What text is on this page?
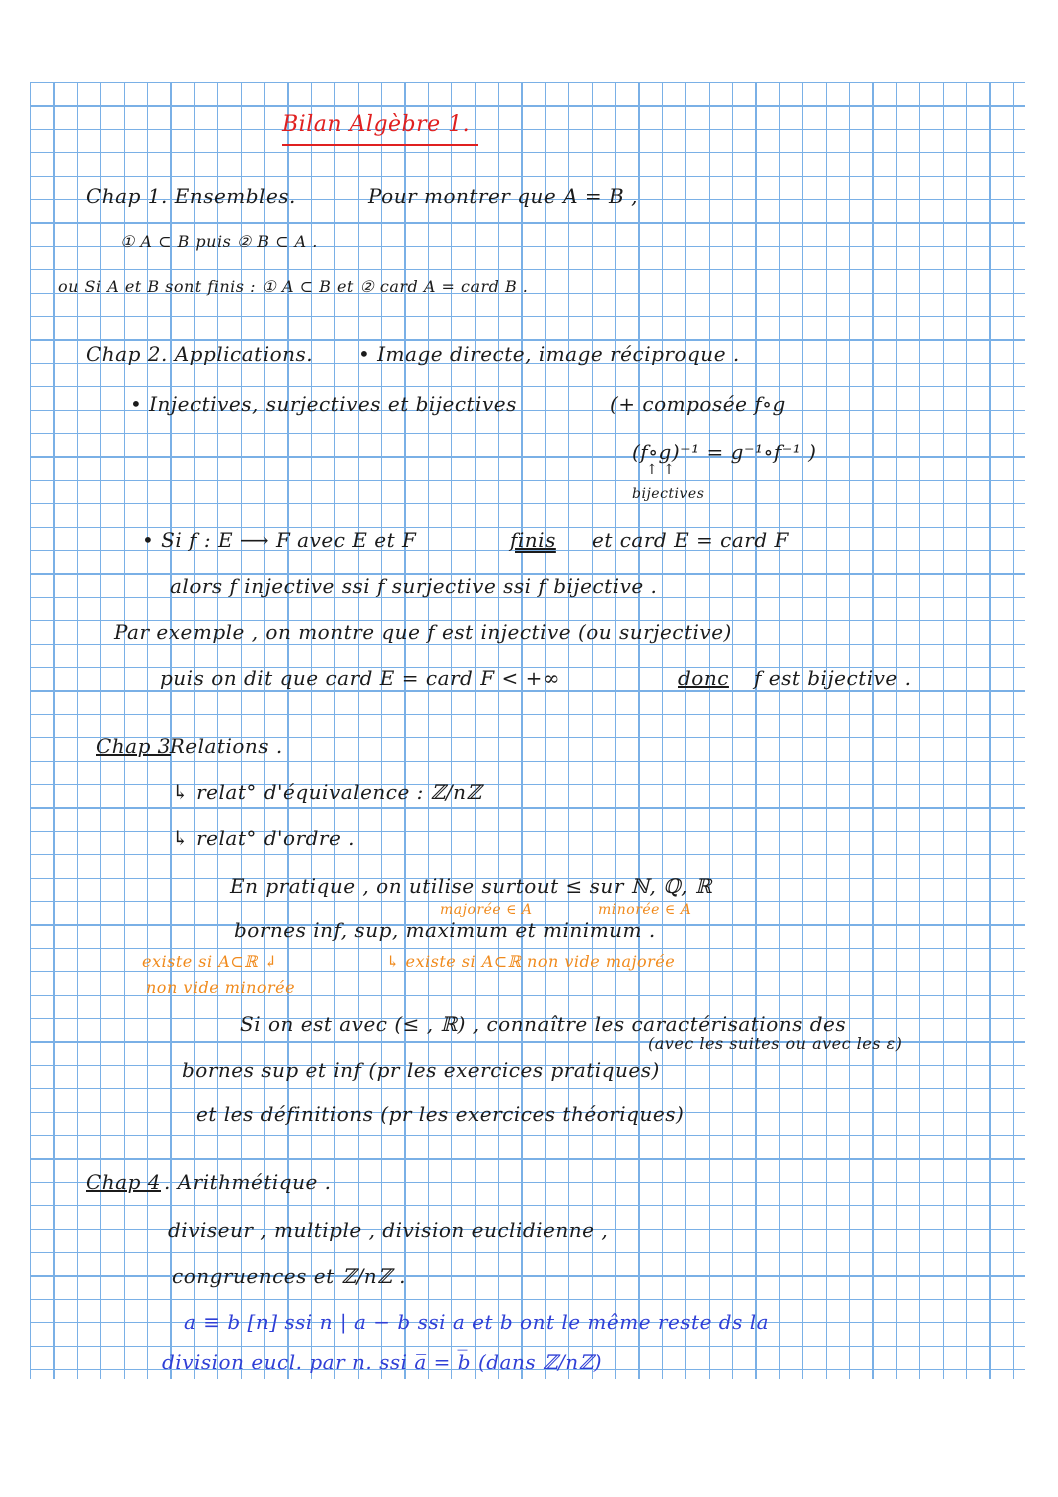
Bilan Algèbre 1.
Chap 1. Ensembles.	Pour montrer que A = B ,
① A ⊂ B puis ② B ⊂ A .
ou Si A et B sont finis : ① A ⊂ B et ② card A = card B .
Chap 2. Applications. • Image directe, image réciproque .
• Injectives, surjectives et bijectives	(+ composée f∘g
(f∘g)⁻¹ = g⁻¹∘f⁻¹ )
↑ ↑
bijectives
• Si f : E ⟶ F avec E et F	finis et card E = card F
alors f injective ssi f surjective ssi f bijective .
Par exemple , on montre que f est injective (ou surjective)
puis on dit que card E = card F < +∞	donc f est bijective .
Chap 3
. Relations .
↳ relat° d'équivalence : ℤ/nℤ
↳ relat° d'ordre .
En pratique , on utilise surtout ≤ sur ℕ, ℚ, ℝ
majorée ∈ A	minorée ∈ A
bornes inf, sup, maximum et minimum .
existe si A⊂ℝ ↲	↳ existe si A⊂ℝ non vide majorée
non vide minorée
Si on est avec (≤ , ℝ) , connaître les caractérisations des
(avec les suites ou avec les ε)
bornes sup et inf (pr les exercices pratiques)
et les définitions (pr les exercices théoriques)
Chap 4 . Arithmétique .
diviseur , multiple , division euclidienne ,
congruences et ℤ/nℤ .
a ≡ b [n] ssi n | a − b ssi a et b ont le même reste ds la
division eucl. par n. ssi a̅ = b̅ (dans ℤ/nℤ)
